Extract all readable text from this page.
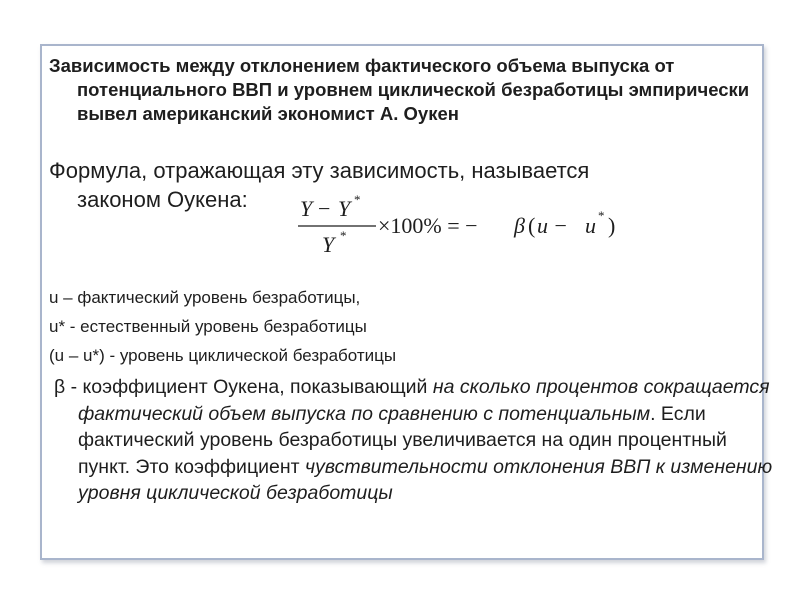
Зависимость между отклонением фактического объема выпуска от потенциального ВВП и уровнем циклической безработицы эмпирически вывел американский экономист А. Оукен

Формула, отражающая эту зависимость, называется
законом Оукена:	Y − Y *
Y * ×100% = − β ( u − u * )

u – фактический уровень безработицы,

u* - естественный уровень безработицы

(u – u*) - уровень циклической безработицы

β - коэффициент Оукена, показывающий на сколько процентов сокращается фактический объем выпуска по сравнению с потенциальным. Если фактический уровень безработицы увеличивается на один процентный пункт. Это коэффициент чувствительности отклонения ВВП к изменению уровня циклической безработицы
